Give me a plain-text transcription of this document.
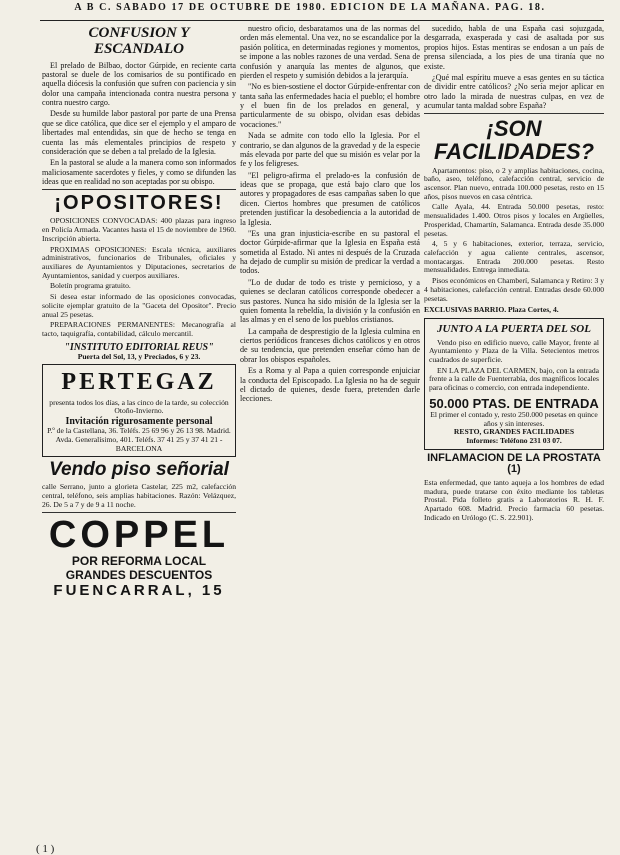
A B C. SABADO 17 DE OCTUBRE DE 1980. EDICION DE LA MAÑANA. PAG. 18.
CONFUSION Y ESCANDALO

El prelado de Bilbao, doctor Gúrpide, en reciente carta pastoral se duele de los comisarios de su pontificado en aquella diócesis la confusión que sufren con paciencia y sin dolor una campaña intencionada contra nuestra persona y contra nuestro cargo.

Desde su humilde labor pastoral por parte de una Prensa que se dice católica, que dice ser el ejemplo y el amparo de libertades mal entendidas, sin que de hecho se tenga en cuenta las más elementales principios de respeto y consideración que se deben a tal prelado de la Iglesia.

En la pastoral se alude a la manera como son informados maliciosamente sacerdotes y fieles, y como se difunden las ideas que en realidad no son aceptadas por su obispo.

¡OPOSITORES!

OPOSICIONES CONVOCADAS: 400 plazas para ingreso en Policía Armada. Vacantes hasta el 15 de noviembre de 1960. Inscripción abierta.

PROXIMAS OPOSICIONES: Escala técnica, auxiliares administrativos, funcionarios de Tribunales, oficiales y auxiliares de Ayuntamientos y Diputaciones, secretarios de Ayuntamientos, sanidad y cuerpos auxiliares.

Boletín programa gratuito.

Si desea estar informado de las oposiciones convocadas, solicite ejemplar gratuito de la "Gaceta del Opositor". Precio anual 25 pesetas.

PREPARACIONES PERMANENTES: Mecanografía al tacto, taquigrafía, contabilidad, cálculo mercantil.

"INSTITUTO EDITORIAL REUS"
Puerta del Sol, 13, y Preciados, 6 y 23.
PERTEGAZ
presenta todos los días, a las cinco de la tarde, su colección Otoño-Invierno.
Invitación rigurosamente personal
P.º de la Castellana, 36. Teléfs. 25 69 96 y 26 13 98. Madrid.
Avda. Generalísimo, 401. Teléfs. 37 41 25 y 37 41 21 - BARCELONA
Vendo piso señorial
calle Serrano, junto a glorieta Castelar, 225 m2, calefacción central, teléfono, seis amplias habitaciones. Razón: Velázquez, 26. De 5 a 7 y de 9 a 11 noche.
COPPEL
POR REFORMA LOCAL
GRANDES DESCUENTOS
FUENCARRAL, 15

nuestro oficio, desbaratamos una de las normas del orden más elemental. Una vez, no se escandalice por la pasión política, en determinadas regiones y momentos, se impone a las nobles razones de una verdad. Sena de confusión y anarquía las mentes de algunos, que pierden el respeto y sumisión debidos a la jerarquía.

"No es bien-sostiene el doctor Gúrpide-enfrentar con tanta saña las enfermedades hacia el pueblo; el hombre y el buen fin de los prelados en general, y particularmente de su obispo, olvidan esas debidas vocaciones."

Nada se admite con todo ello la Iglesia. Por el contrario, se dan algunos de la gravedad y de la especie más elevada por parte del que su misión es velar por la fe y los feligreses.

"El peligro-afirma el prelado-es la confusión de ideas que se propaga, que está bajo claro que los autores y propagadores de esas campañas saben lo que dicen. Ciertos hombres que presumen de católicos pretenden justificar la desobediencia a la autoridad de la Iglesia.

"Es una gran injusticia-escribe en su pastoral el doctor Gúrpide-afirmar que la Iglesia en España está sometida al Estado. Ni antes ni después de la Cruzada ha dejado de cumplir su misión de predicar la verdad a todos.

"Lo de dudar de todo es triste y pernicioso, y a quienes se declaran católicos corresponde obedecer a sus pastores. Nunca ha sido misión de la Iglesia ser la quien fomenta la rebeldía, la división y la confusión en las almas y en el seno de los pueblos cristianos.

La campaña de desprestigio de la Iglesia culmina en ciertos periódicos franceses dichos católicos y en otros de su tendencia, que pretenden enseñar cómo han de obrar los obispos españoles.

Es a Roma y al Papa a quien corresponde enjuiciar la conducta del Episcopado. La Iglesia no ha de seguir el dictado de quienes, desde fuera, pretenden darle lecciones.

sucedido, habla de una España casi sojuzgada, desgarrada, exasperada y casi de asaltada por sus propios hijos. Estas mentiras se endosan a un país de prensa silenciada, a los pies de una tiranía que no existe.

¿Qué mal espíritu mueve a esas gentes en su táctica de dividir entre católicos? ¿No sería mejor aplicar en otro lado la mirada de nuestras culpas, en vez de acumular tanta maldad sobre España?

¡SON FACILIDADES?

Apartamentos: piso, o 2 y amplias habitaciones, cocina, baño, aseo, teléfono, calefacción central, servicio de ascensor. Plan nuevo, entrada 100.000 pesetas, resto en 15 años, pisos nuevos en casa céntrica.

Calle Ayala, 44. Entrada 50.000 pesetas, resto: mensualidades 1.400. Otros pisos y locales en Argüelles, Prosperidad, Chamartín, Salamanca. Entrada desde 35.000 pesetas.

4, 5 y 6 habitaciones, exterior, terraza, servicio, calefacción y agua caliente centrales, ascensor, montacargas. Entrada 200.000 pesetas. Resto mensualidades. Entrega inmediata.

Pisos económicos en Chamberí, Salamanca y Retiro: 3 y 4 habitaciones, calefacción central. Entradas desde 60.000 pesetas.

EXCLUSIVAS BARRIO. Plaza Cortes, 4.
JUNTO A LA PUERTA DEL SOL

Vendo piso en edificio nuevo, calle Mayor, frente al Ayuntamiento y Plaza de la Villa. Setecientos metros cuadrados de superficie.

EN LA PLAZA DEL CARMEN, bajo, con la entrada frente a la calle de Fuenterrabía, dos magníficos locales para oficinas o comercio, con entrada independiente.

50.000 PTAS. DE ENTRADA
El primer el contado y, resto 250.000 pesetas en quince años y sin intereses.
RESTO, GRANDES FACILIDADES
Informes: Teléfono 231 03 07.
INFLAMACION DE LA PROSTATA (1)
Esta enfermedad, que tanto aqueja a los hombres de edad madura, puede tratarse con éxito mediante los tabletas Prostal. Pida folleto gratis a Laboratorios R. H. F. Apartado 608. Madrid. Precio farmacia 60 pesetas. Indicado en Urólogo (C. S. 22.901).
( 1 )
